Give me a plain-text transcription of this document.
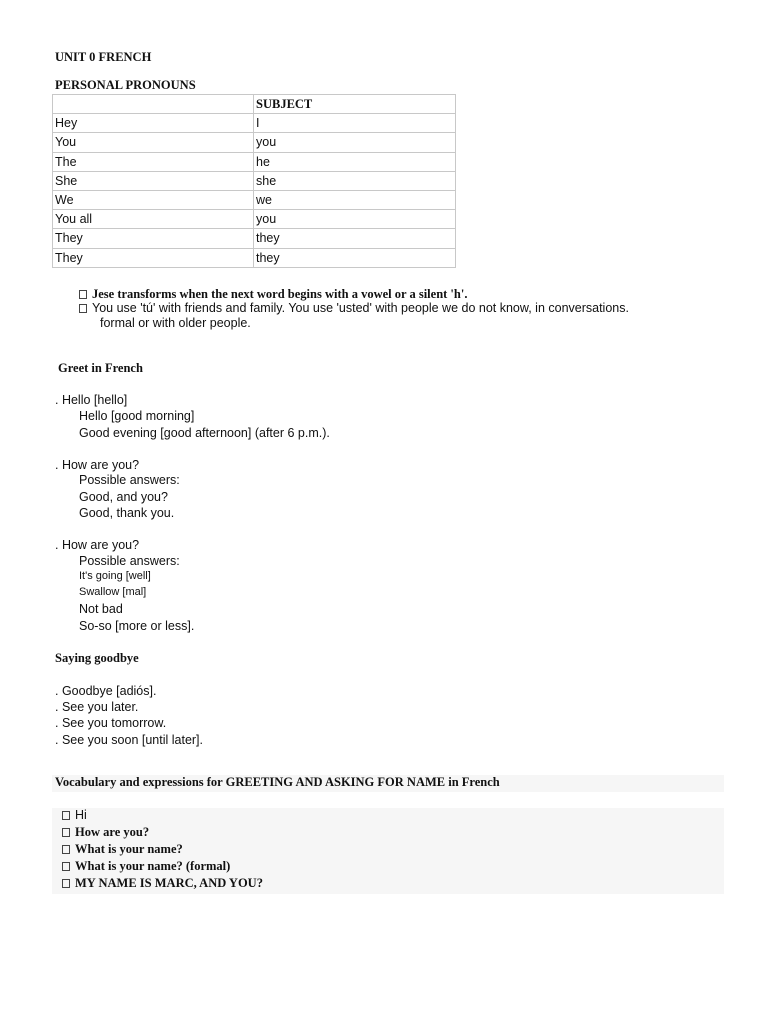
UNIT 0 FRENCH
PERSONAL PRONOUNS
	SUBJECT
Hey	I
You	you
The	he
She	she
We	we
You all	you
They	they
They	they
Jese transforms when the next word begins with a vowel or a silent 'h'.
You use 'tú' with friends and family. You use 'usted' with people we do not know, in conversations.
formal or with older people.
Greet in French
. Hello [hello]
Hello [good morning]
Good evening [good afternoon] (after 6 p.m.).
. How are you?
Possible answers:
Good, and you?
Good, thank you.
. How are you?
Possible answers:
It's going [well]
Swallow [mal]
Not bad
So-so [more or less].
Saying goodbye
. Goodbye [adiós].
. See you later.
. See you tomorrow.
. See you soon [until later].
Vocabulary and expressions for GREETING AND ASKING FOR NAME in French
Hi
How are you?
What is your name?
What is your name? (formal)
MY NAME IS MARC, AND YOU?
